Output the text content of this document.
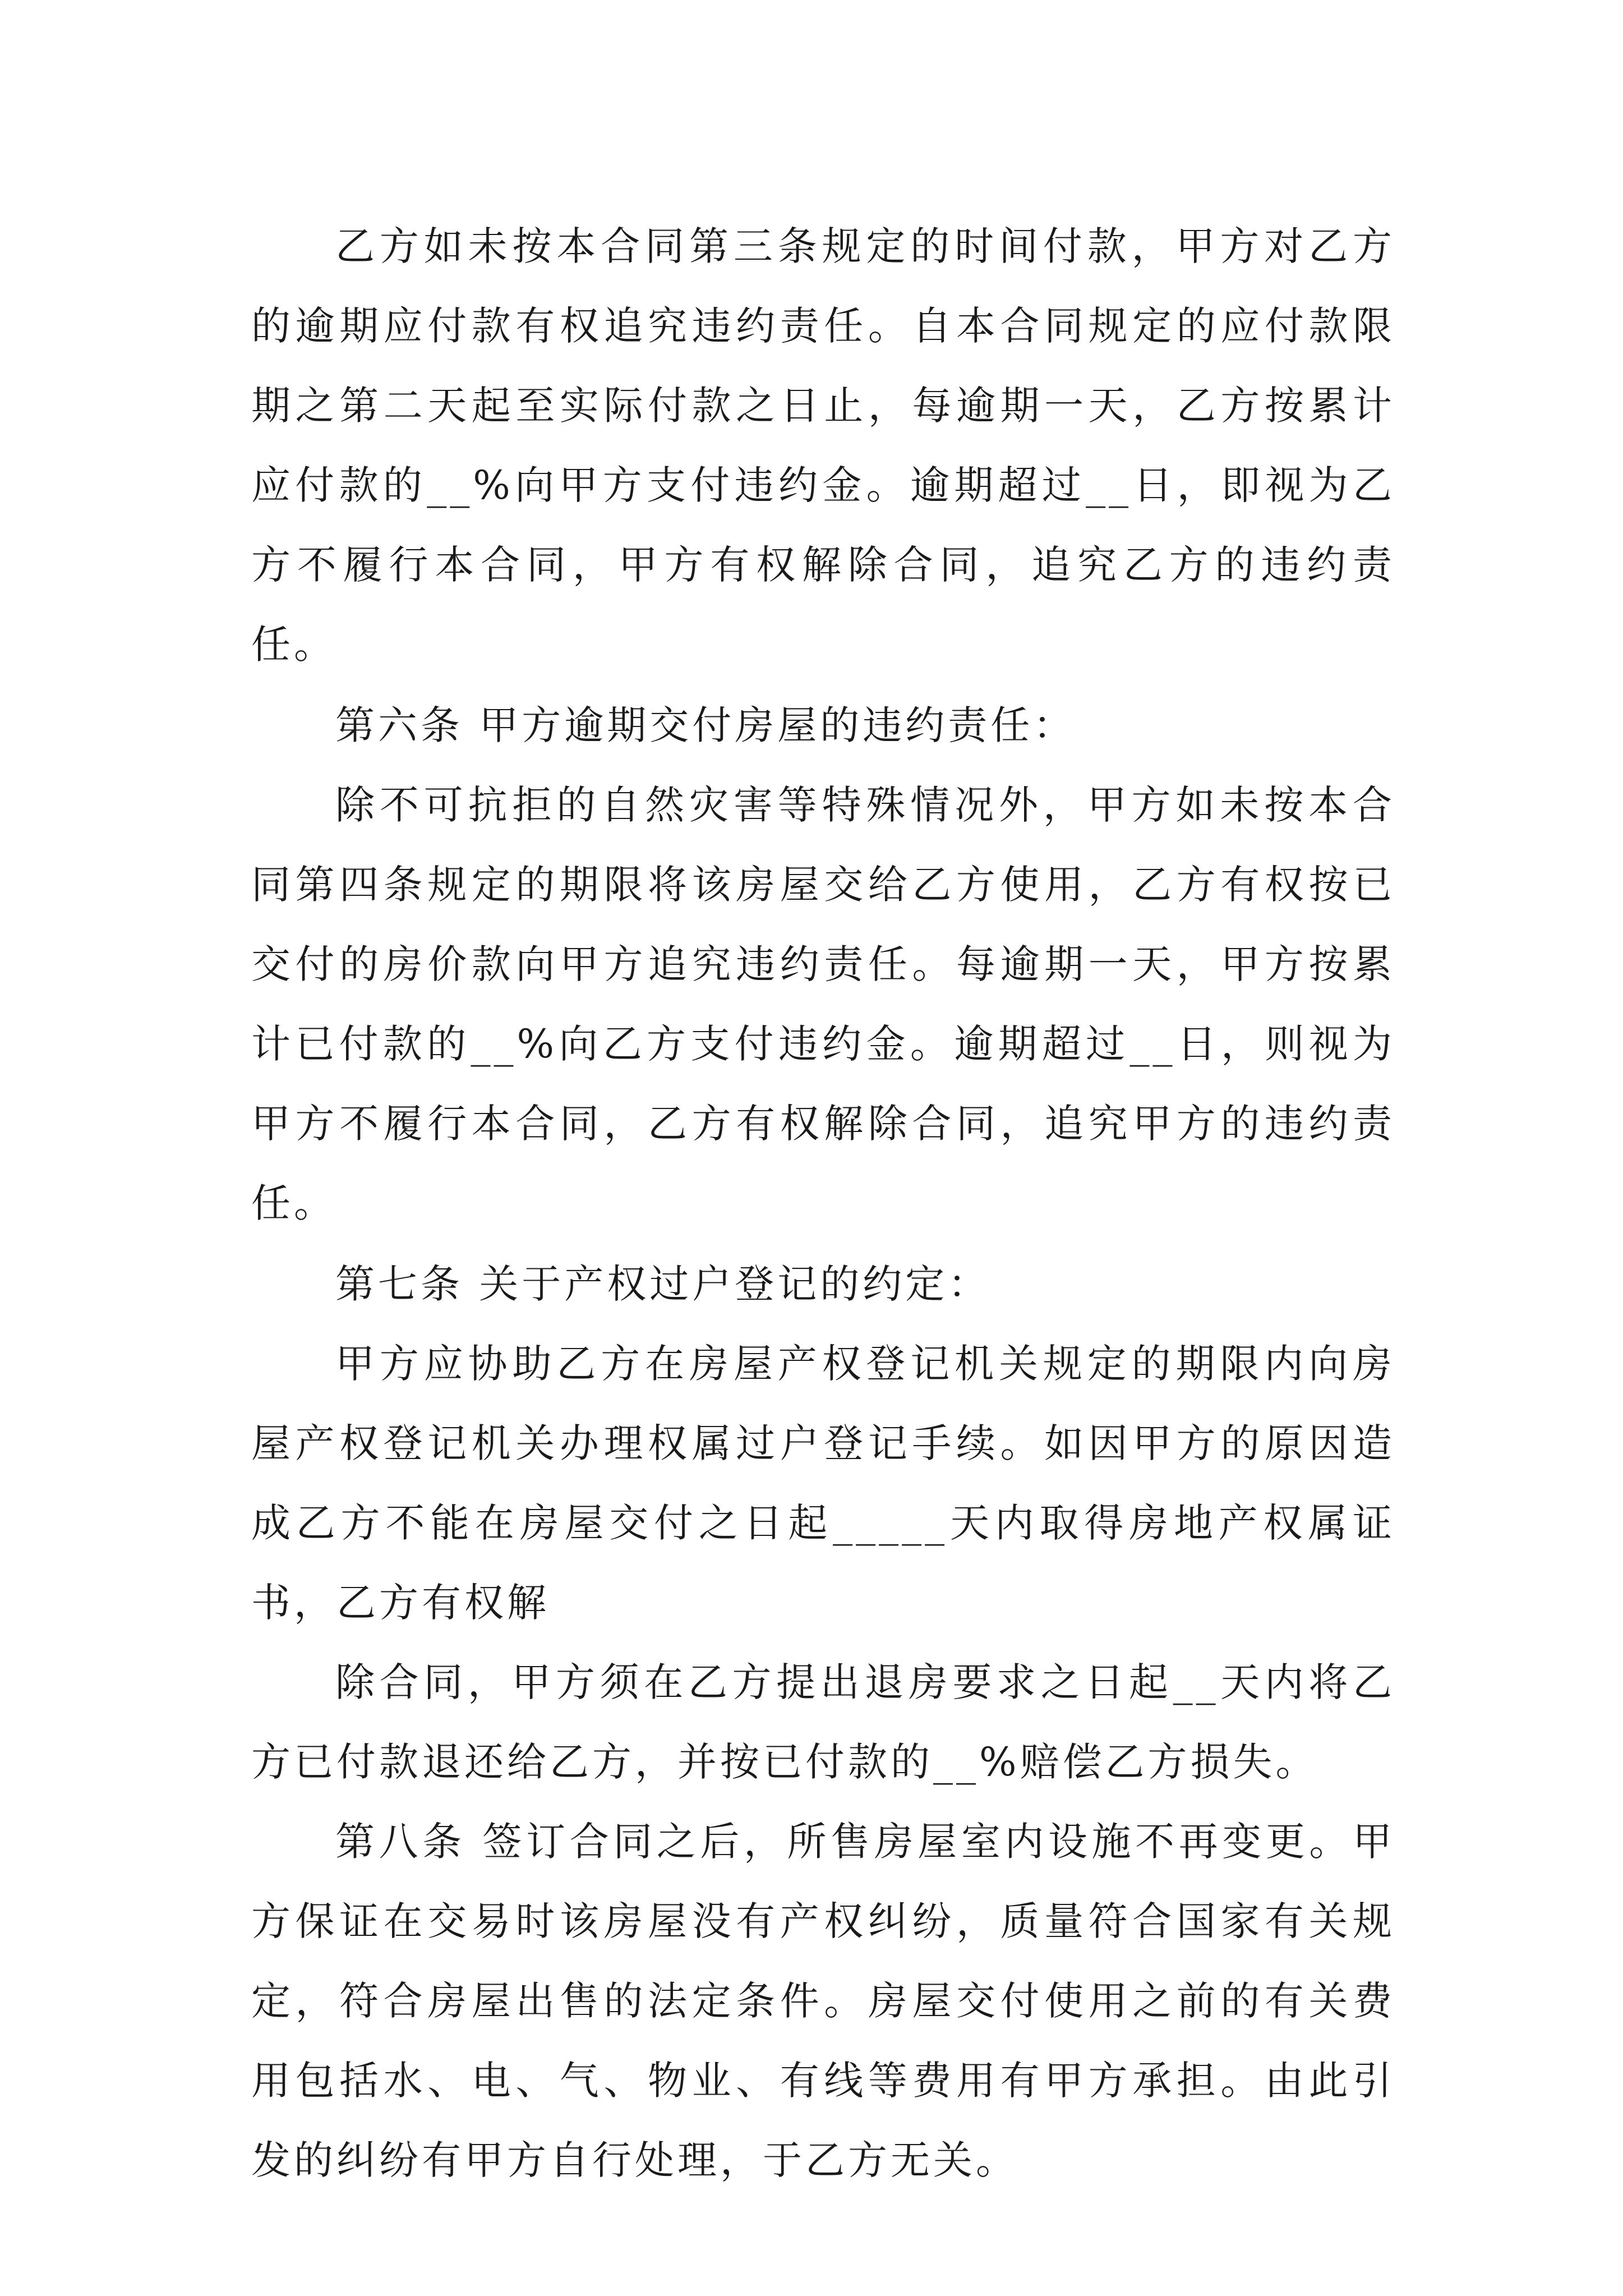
乙方如未按本合同第三条规定的时间付款，甲方对乙方的逾期应付款有权追究违约责任。自本合同规定的应付款限期之第二天起至实际付款之日止，每逾期一天，乙方按累计应付款的__%向甲方支付违约金。逾期超过__日，即视为乙方不履行本合同，甲方有权解除合同，追究乙方的违约责任。

第六条 甲方逾期交付房屋的违约责任：

除不可抗拒的自然灾害等特殊情况外，甲方如未按本合同第四条规定的期限将该房屋交给乙方使用，乙方有权按已交付的房价款向甲方追究违约责任。每逾期一天，甲方按累计已付款的__%向乙方支付违约金。逾期超过__日，则视为甲方不履行本合同，乙方有权解除合同，追究甲方的违约责任。

第七条 关于产权过户登记的约定：

甲方应协助乙方在房屋产权登记机关规定的期限内向房屋产权登记机关办理权属过户登记手续。如因甲方的原因造成乙方不能在房屋交付之日起_____天内取得房地产权属证书，乙方有权解

除合同，甲方须在乙方提出退房要求之日起__天内将乙方已付款退还给乙方，并按已付款的__%赔偿乙方损失。

第八条 签订合同之后，所售房屋室内设施不再变更。甲方保证在交易时该房屋没有产权纠纷，质量符合国家有关规定，符合房屋出售的法定条件。房屋交付使用之前的有关费用包括水、电、气、物业、有线等费用有甲方承担。由此引发的纠纷有甲方自行处理，于乙方无关。
